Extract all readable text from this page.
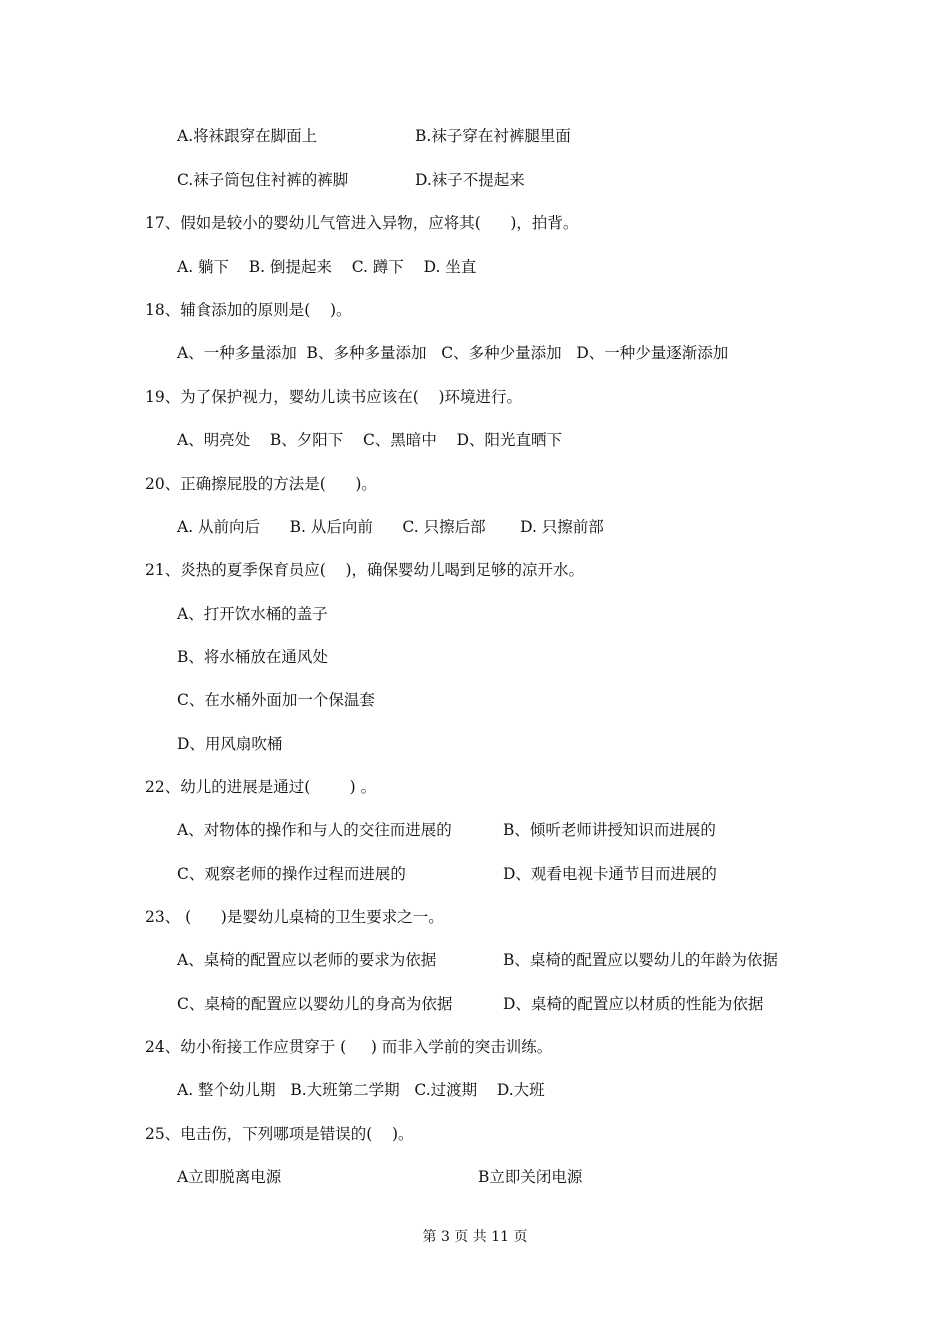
A.将袜跟穿在脚面上	B.袜子穿在衬裤腿里面
C.袜子筒包住衬裤的裤脚	D.袜子不提起来
17、假如是较小的婴幼儿气管进入异物，应将其(      )，拍背。
A. 躺下    B. 倒提起来    C. 蹲下    D. 坐直
18、辅食添加的原则是(    )。
A、一种多量添加  B、多种多量添加   C、多种少量添加   D、一种少量逐渐添加
19、为了保护视力，婴幼儿读书应该在(    )环境进行。
A、明亮处    B、夕阳下    C、黑暗中    D、阳光直晒下
20、正确擦屁股的方法是(      )。
A. 从前向后      B. 从后向前      C. 只擦后部       D. 只擦前部
21、炎热的夏季保育员应(    )，确保婴幼儿喝到足够的凉开水。
A、打开饮水桶的盖子
B、将水桶放在通风处
C、在水桶外面加一个保温套
D、用风扇吹桶
22、幼儿的进展是通过(        ) 。
A、对物体的操作和与人的交往而进展的	B、倾听老师讲授知识而进展的
C、观察老师的操作过程而进展的	D、观看电视卡通节目而进展的
23、 (      )是婴幼儿桌椅的卫生要求之一。
A、桌椅的配置应以老师的要求为依据	B、桌椅的配置应以婴幼儿的年龄为依据
C、桌椅的配置应以婴幼儿的身高为依据	D、桌椅的配置应以材质的性能为依据
24、幼小衔接工作应贯穿于 (     ) 而非入学前的突击训练。
A. 整个幼儿期   B.大班第二学期   C.过渡期    D.大班
25、电击伤，下列哪项是错误的(    )。
A立即脱离电源	B立即关闭电源
第 3 页 共 11 页
